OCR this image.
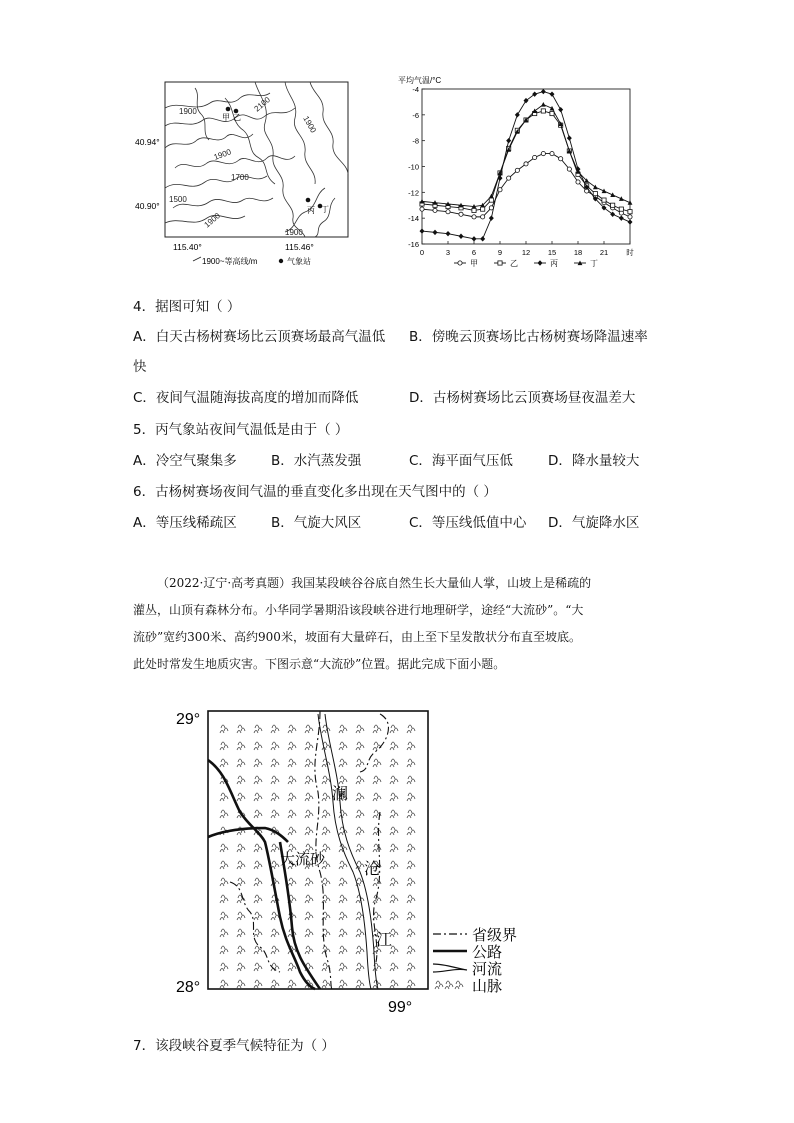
40.94°
40.90°
115.40°	115.46°
1900	2100
1900
1900
1700
1500
1900
1900
甲 乙
丙 丁
1900~等高线/m	气象站
平均气温/°C
-4
-6
-8
-10
-12
-14
-16
0	3	6	9	12 15 18 21 时
甲	乙	丙	丁
4．据图可知（ ）
A．白天古杨树赛场比云顶赛场最高气温低 B．傍晚云顶赛场比古杨树赛场降温速率
快
C．夜间气温随海拔高度的增加而降低	D．古杨树赛场比云顶赛场昼夜温差大
5．丙气象站夜间气温低是由于（ ）
A．冷空气聚集多	B．水汽蒸发强	C．海平面气压低	D．降水量较大
6．古杨树赛场夜间气温的垂直变化多出现在天气图中的（ ）
A．等压线稀疏区	B．气旋大风区	C．等压线低值中心 D．气旋降水区
（2022·辽宁·高考真题）我国某段峡谷谷底自然生长大量仙人掌，山坡上是稀疏的
灌丛，山顶有森林分布。小华同学暑期沿该段峡谷进行地理研学，途经“大流砂”。“大
流砂”宽约300米、高约900米，坡面有大量碎石，由上至下呈发散状分布直至坡底。
此处时常发生地质灾害。下图示意“大流砂”位置。据此完成下面小题。
29°
28°
99°
大流砂
澜
沧
江	省级界
公路
河流
山脉
7．该段峡谷夏季气候特征为（ ）
